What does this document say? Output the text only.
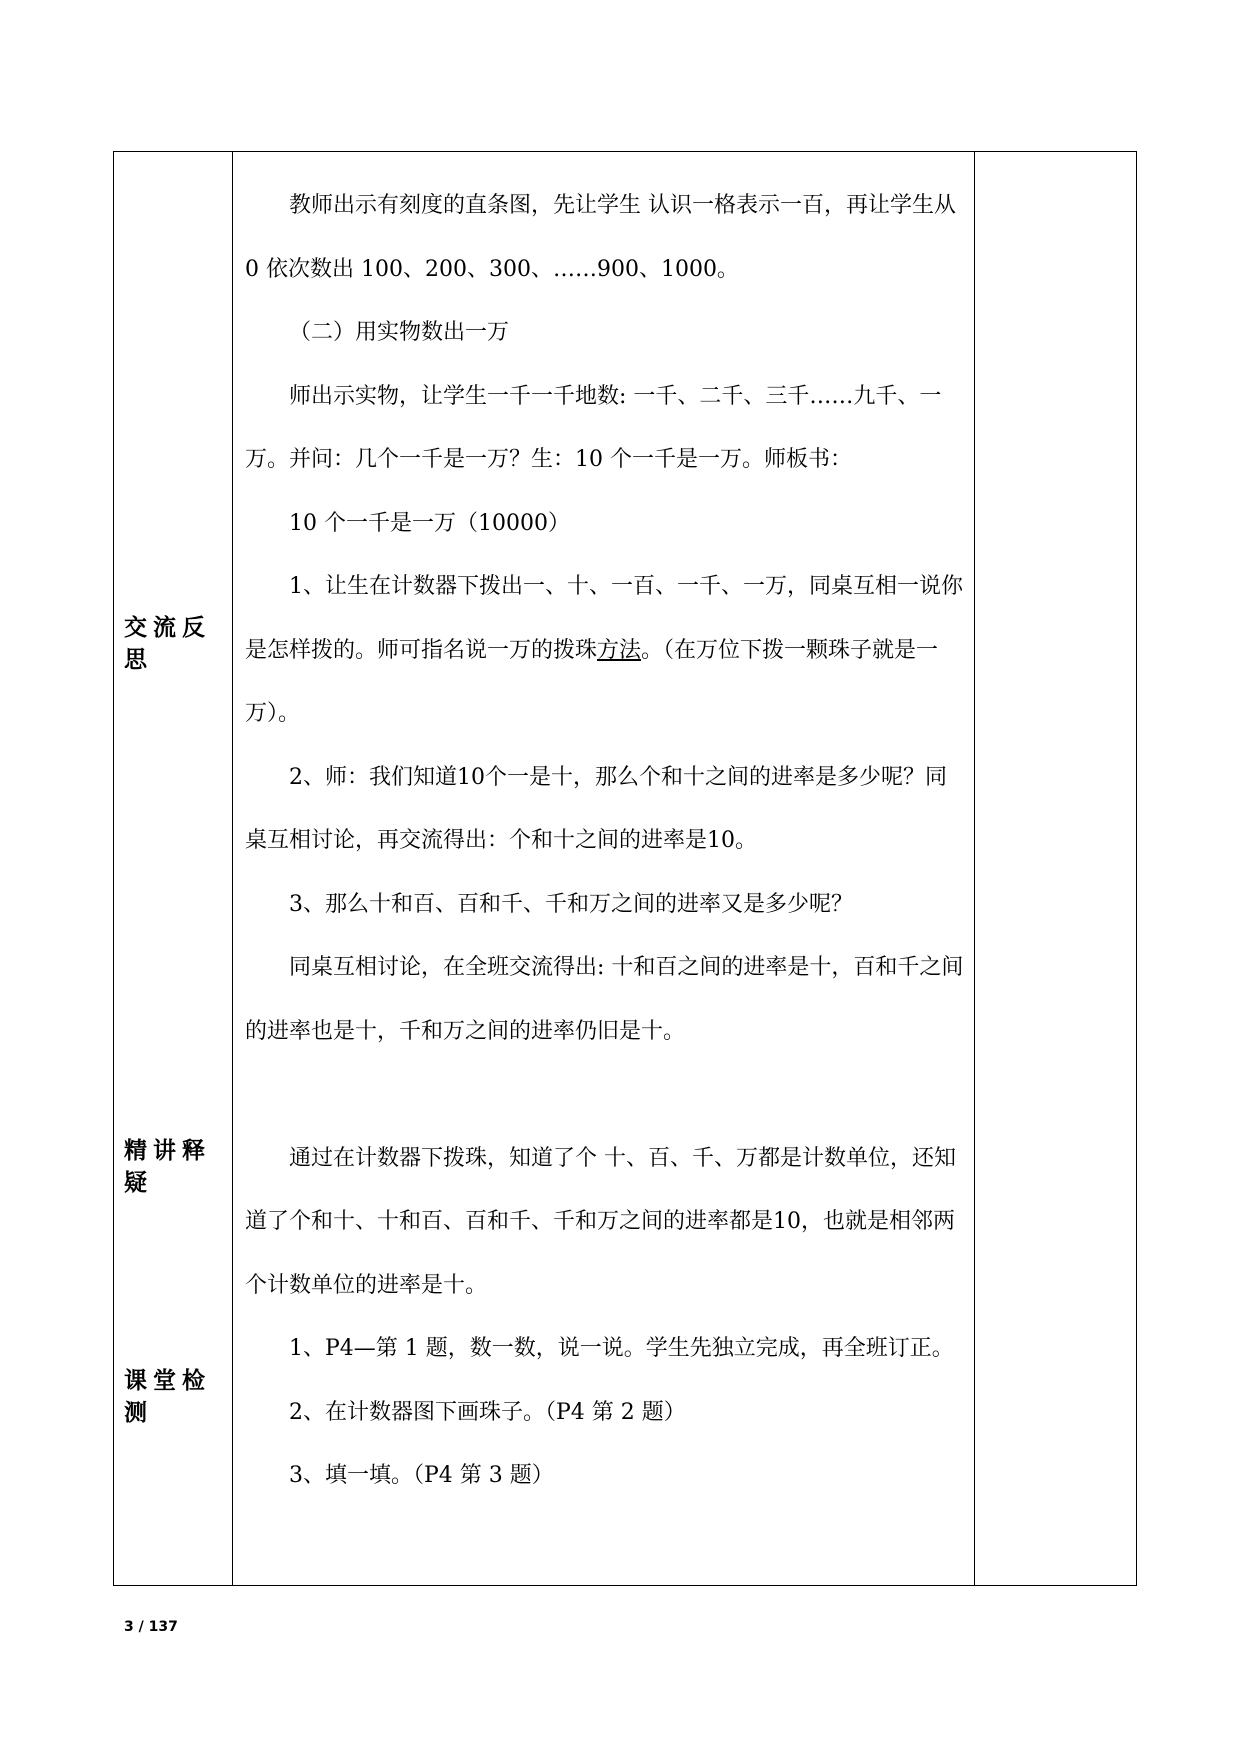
交流反思
精讲释疑
课堂检测

教师出示有刻度的直条图，先让学生 认识一格表示一百，再让学生从 0 依次数出 100、200、300、……900、1000。

（二）用实物数出一万

师出示实物，让学生一千一千地数: 一千、二千、三千……九千、一万。并问：几个一千是一万？生：10 个一千是一万。师板书：

10 个一千是一万（10000）

1、让生在计数器下拨出一、十、一百、一千、一万，同桌互相一说你是怎样拨的。师可指名说一万的拨珠方法。（在万位下拨一颗珠子就是一万）。

2、师：我们知道10个一是十，那么个和十之间的进率是多少呢？同桌互相讨论，再交流得出：个和十之间的进率是10。

3、那么十和百、百和千、千和万之间的进率又是多少呢？

同桌互相讨论，在全班交流得出: 十和百之间的进率是十，百和千之间的进率也是十，千和万之间的进率仍旧是十。

通过在计数器下拨珠，知道了个 十、百、千、万都是计数单位，还知道了个和十、十和百、百和千、千和万之间的进率都是10，也就是相邻两个计数单位的进率是十。

1、P4—第 1 题，数一数，说一说。学生先独立完成，再全班订正。

2、在计数器图下画珠子。（P4 第 2 题）

3、填一填。（P4 第 3 题）

3 / 137
